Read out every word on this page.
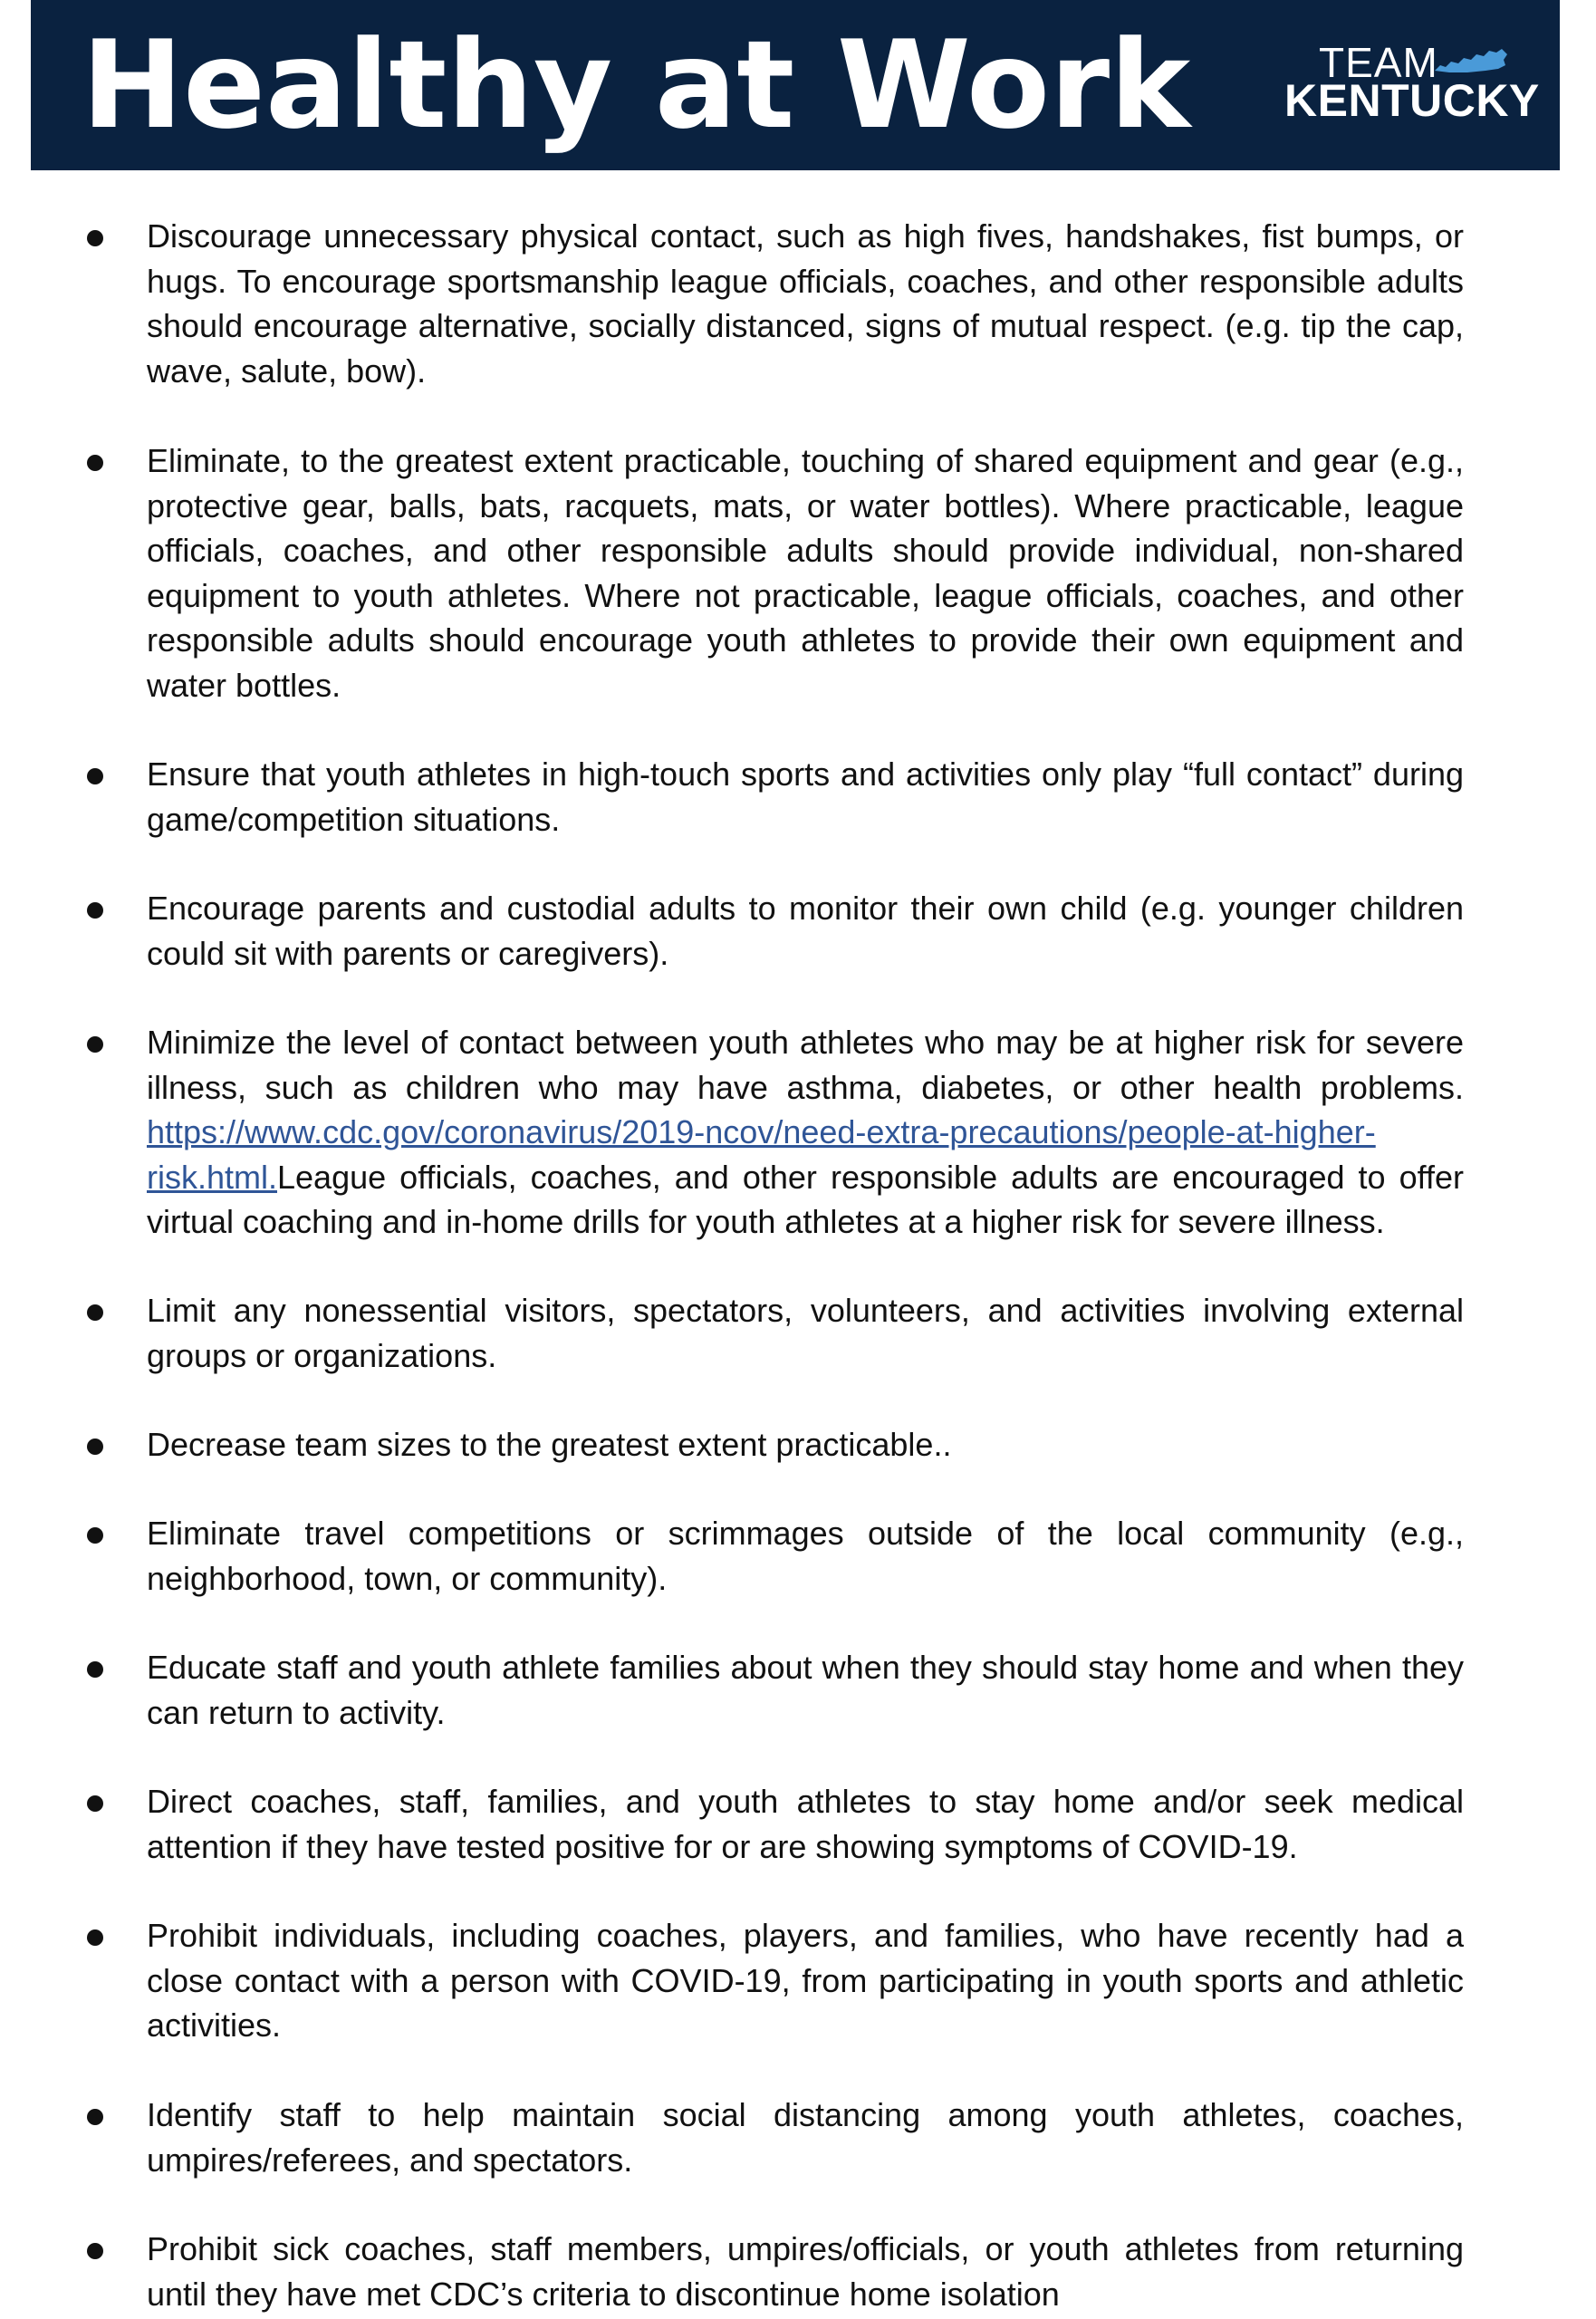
Healthy at Work	TEAM
KENTUCKY
Discourage unnecessary physical contact, such as high fives, handshakes, fist bumps, or hugs. To encourage sportsmanship league officials, coaches, and other responsible adults should encourage alternative, socially distanced, signs of mutual respect. (e.g. tip the cap, wave, salute, bow).
Eliminate, to the greatest extent practicable, touching of shared equipment and gear (e.g., protective gear, balls, bats, racquets, mats, or water bottles). Where practicable, league officials, coaches, and other responsible adults should provide individual, non-shared equipment to youth athletes. Where not practicable, league officials, coaches, and other responsible adults should encourage youth athletes to provide their own equipment and water bottles.
Ensure that youth athletes in high-touch sports and activities only play “full contact” during game/competition situations.
Encourage parents and custodial adults to monitor their own child (e.g. younger children could sit with parents or caregivers).
Minimize the level of contact between youth athletes who may be at higher risk for severe illness, such as children who may have asthma, diabetes, or other health problems. https://www.cdc.gov/coronavirus/2019-ncov/need-extra-precautions/people-at-higher-risk.html.League officials, coaches, and other responsible adults are encouraged to offer virtual coaching and in-home drills for youth athletes at a higher risk for severe illness.
Limit any nonessential visitors, spectators, volunteers, and activities involving external groups or organizations.
Decrease team sizes to the greatest extent practicable..
Eliminate travel competitions or scrimmages outside of the local community (e.g., neighborhood, town, or community).
Educate staff and youth athlete families about when they should stay home and when they can return to activity.
Direct coaches, staff, families, and youth athletes to stay home and/or seek medical attention if they have tested positive for or are showing symptoms of COVID-19.
Prohibit individuals, including coaches, players, and families, who have recently had a close contact with a person with COVID-19, from participating in youth sports and athletic activities.
Identify staff to help maintain social distancing among youth athletes, coaches, umpires/referees, and spectators.
Prohibit sick coaches, staff members, umpires/officials, or youth athletes from returning until they have met CDC’s criteria to discontinue home isolation
